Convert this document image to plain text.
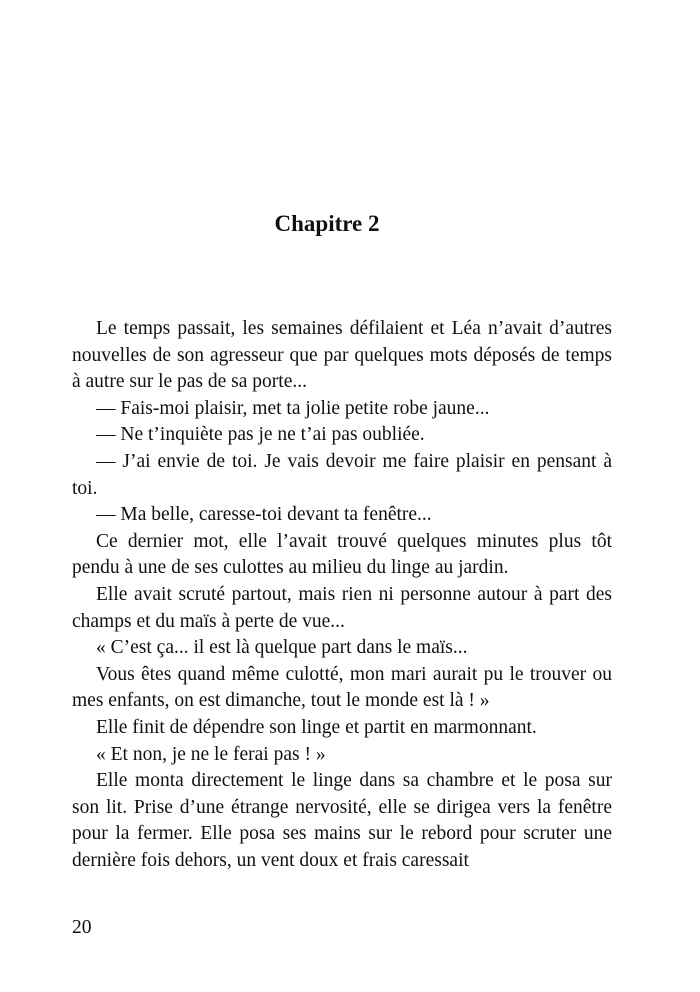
Chapitre 2

Le temps passait, les semaines défilaient et Léa n’avait d’autres nouvelles de son agresseur que par quelques mots déposés de temps à autre sur le pas de sa porte...

— Fais-moi plaisir, met ta jolie petite robe jaune...

— Ne t’inquiète pas je ne t’ai pas oubliée.

— J’ai envie de toi. Je vais devoir me faire plaisir en pensant à toi.

— Ma belle, caresse-toi devant ta fenêtre...

Ce dernier mot, elle l’avait trouvé quelques minutes plus tôt pendu à une de ses culottes au milieu du linge au jardin.

Elle avait scruté partout, mais rien ni personne autour à part des champs et du maïs à perte de vue...

« C’est ça... il est là quelque part dans le maïs...

Vous êtes quand même culotté, mon mari aurait pu le trouver ou mes enfants, on est dimanche, tout le monde est là ! »

Elle finit de dépendre son linge et partit en marmonnant.

« Et non, je ne le ferai pas ! »

Elle monta directement le linge dans sa chambre et le posa sur son lit. Prise d’une étrange nervosité, elle se dirigea vers la fenêtre pour la fermer. Elle posa ses mains sur le rebord pour scruter une dernière fois dehors, un vent doux et frais caressait

20
